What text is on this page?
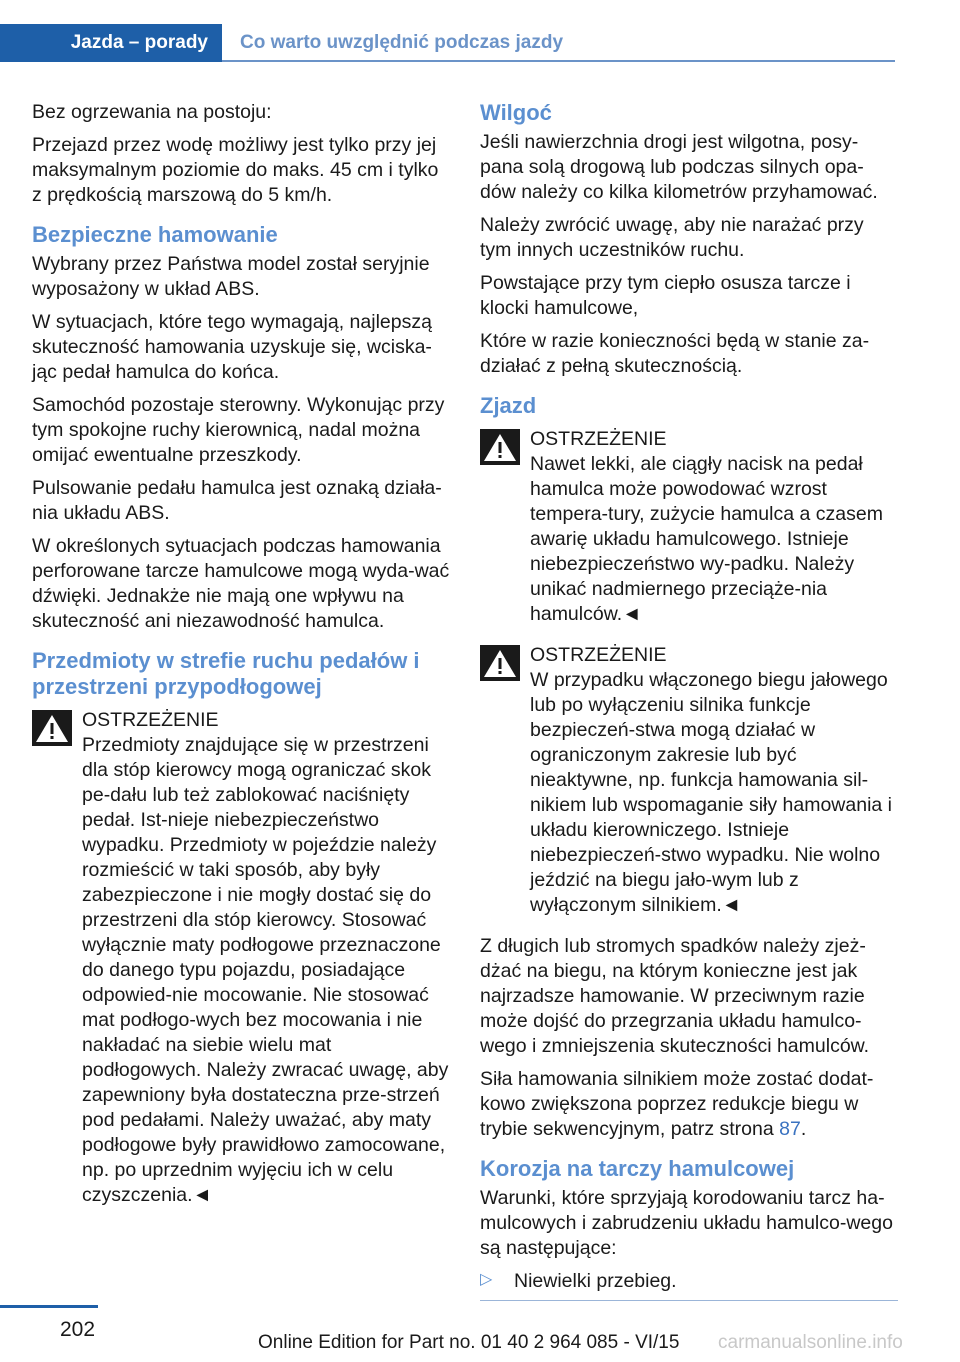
Jazda – porady	Co warto uwzględnić podczas jazdy

Bez ogrzewania na postoju:

Przejazd przez wodę możliwy jest tylko przy jej maksymalnym poziomie do maks. 45 cm i tylko z prędkością marszową do 5 km/h.

Bezpieczne hamowanie

Wybrany przez Państwa model został seryjnie wyposażony w układ ABS.

W sytuacjach, które tego wymagają, najlepszą skuteczność hamowania uzyskuje się, wciska-jąc pedał hamulca do końca.

Samochód pozostaje sterowny. Wykonując przy tym spokojne ruchy kierownicą, nadal można omijać ewentualne przeszkody.

Pulsowanie pedału hamulca jest oznaką działa-nia układu ABS.

W określonych sytuacjach podczas hamowania perforowane tarcze hamulcowe mogą wyda-wać dźwięki. Jednakże nie mają one wpływu na skuteczność ani niezawodność hamulca.

Przedmioty w strefie ruchu pedałów i przestrzeni przypodłogowej

OSTRZEŻENIE

Przedmioty znajdujące się w przestrzeni dla stóp kierowcy mogą ograniczać skok pe-dału lub też zablokować naciśnięty pedał. Ist-nieje niebezpieczeństwo wypadku. Przedmioty w pojeździe należy rozmieścić w taki sposób, aby były zabezpieczone i nie mogły dostać się do przestrzeni dla stóp kierowcy. Stosować wyłącznie maty podłogowe przeznaczone do danego typu pojazdu, posiadające odpowied-nie mocowanie. Nie stosować mat podłogo-wych bez mocowania i nie nakładać na siebie wielu mat podłogowych. Należy zwracać uwagę, aby zapewniony była dostateczna prze-strzeń pod pedałami. Należy uważać, aby maty podłogowe były prawidłowo zamocowane, np. po uprzednim wyjęciu ich w celu czyszczenia.◄

Wilgoć

Jeśli nawierzchnia drogi jest wilgotna, posy-pana solą drogową lub podczas silnych opa-dów należy co kilka kilometrów przyhamować.

Należy zwrócić uwagę, aby nie narażać przy tym innych uczestników ruchu.

Powstające przy tym ciepło osusza tarcze i klocki hamulcowe,

Które w razie konieczności będą w stanie za-działać z pełną skutecznością.

Zjazd

OSTRZEŻENIE

Nawet lekki, ale ciągły nacisk na pedał hamulca może powodować wzrost tempera-tury, zużycie hamulca a czasem awarię układu hamulcowego. Istnieje niebezpieczeństwo wy-padku. Należy unikać nadmiernego przeciąże-nia hamulców.◄

OSTRZEŻENIE

W przypadku włączonego biegu jałowego lub po wyłączeniu silnika funkcje bezpieczeń-stwa mogą działać w ograniczonym zakresie lub być nieaktywne, np. funkcja hamowania sil-nikiem lub wspomaganie siły hamowania i układu kierowniczego. Istnieje niebezpieczeń-stwo wypadku. Nie wolno jeździć na biegu jało-wym lub z wyłączonym silnikiem.◄

Z długich lub stromych spadków należy zjeż-dżać na biegu, na którym konieczne jest jak najrzadsze hamowanie. W przeciwnym razie może dojść do przegrzania układu hamulco-wego i zmniejszenia skuteczności hamulców.

Siła hamowania silnikiem może zostać dodat-kowo zwiększona poprzez redukcje biegu w trybie sekwencyjnym, patrz strona 87.

Korozja na tarczy hamulcowej

Warunki, które sprzyjają korodowaniu tarcz ha-mulcowych i zabrudzeniu układu hamulco-wego są następujące:

▷ Niewielki przebieg.

202
Online Edition for Part no. 01 40 2 964 085 - VI/15 carmanualsonline.info
